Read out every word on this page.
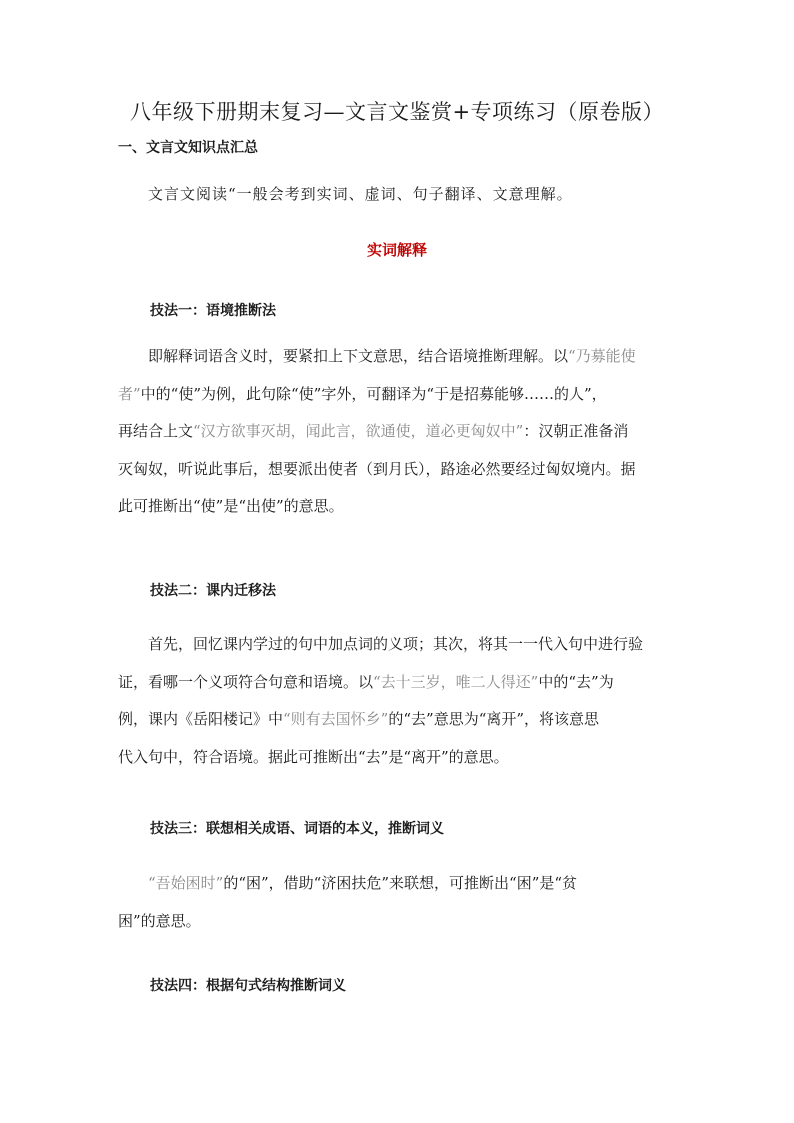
八年级下册期末复习—文言文鉴赏+专项练习（原卷版）
一、文言文知识点汇总
文言文阅读“一般会考到实词、虚词、句子翻译、文意理解。
实词解释
技法一：语境推断法
即解释词语含义时，要紧扣上下文意思，结合语境推断理解。以“乃募能使
者”中的“使”为例，此句除“使”字外，可翻译为“于是招募能够……的人”，
再结合上文“汉方欲事灭胡，闻此言，欲通使，道必更匈奴中”：汉朝正准备消
灭匈奴，听说此事后，想要派出使者（到月氏），路途必然要经过匈奴境内。据
此可推断出“使”是“出使”的意思。
技法二：课内迁移法
首先，回忆课内学过的句中加点词的义项；其次，将其一一代入句中进行验
证，看哪一个义项符合句意和语境。以“去十三岁，唯二人得还”中的“去”为
例，课内《岳阳楼记》中“则有去国怀乡”的“去”意思为“离开”，将该意思
代入句中，符合语境。据此可推断出“去”是“离开”的意思。
技法三：联想相关成语、词语的本义，推断词义
“吾始困时”的“困”，借助“济困扶危”来联想，可推断出“困”是“贫
困”的意思。
技法四：根据句式结构推断词义
